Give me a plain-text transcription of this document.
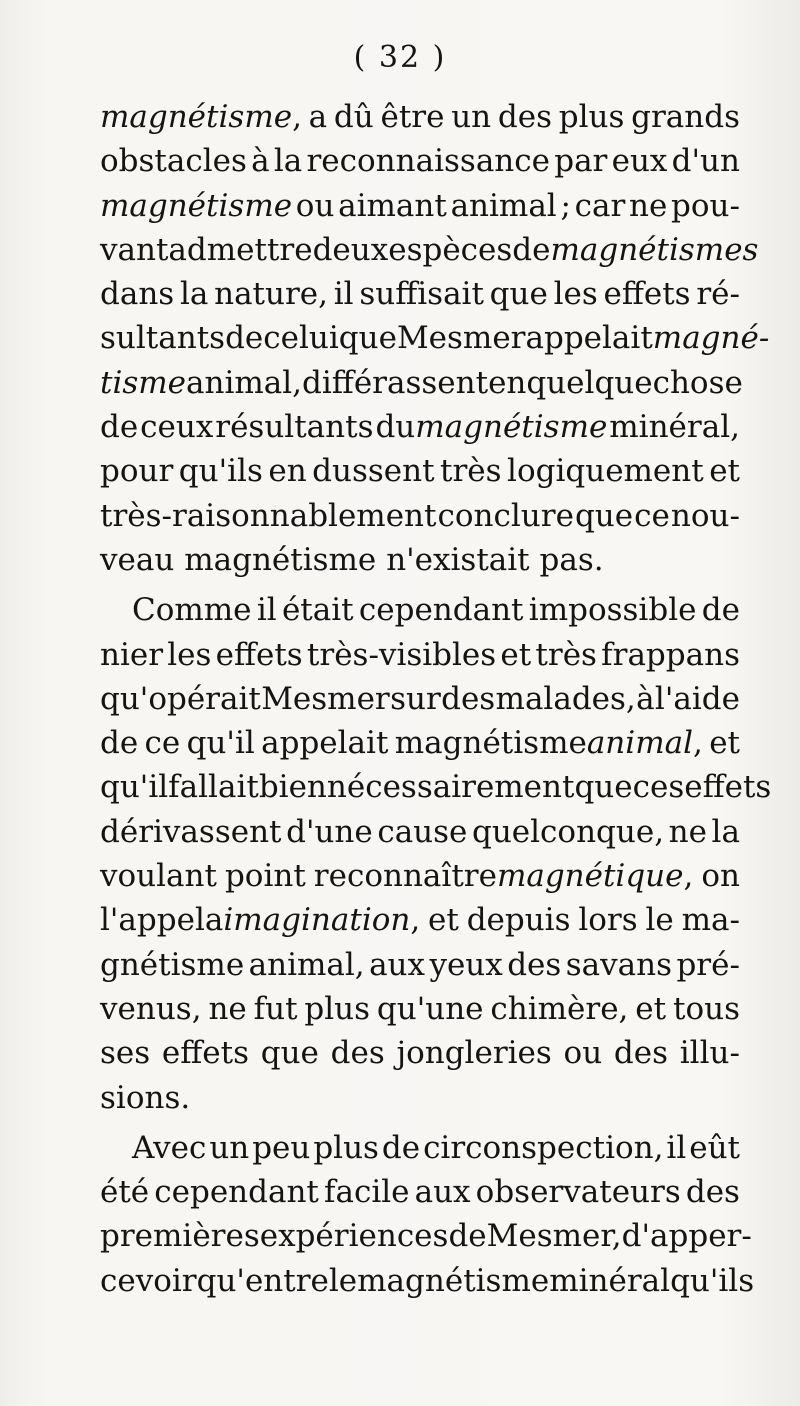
( 32 )
magnétisme, a dû être un des plus grands
obstacles à la reconnaissance par eux d'un
magnétisme ou aimant animal ; car ne pou-
vant admettre deux espèces demagnétismes
dans la nature, il suffisait que les effets ré-
sultants de celui que Mesmer appelaitmagné-
tisme animal, différassent en quelque chose
de ceux résultants dumagnétisme minéral,
pour qu'ils en dussent très logiquement et
très-raisonnablement conclure que ce nou-
veau magnétisme n'existait pas.
Comme il était cependant impossible de
nier les effets très-visibles et très frappans
qu'opérait Mesmer sur des malades, à l'aide
de ce qu'il appelait magnétismeanimal, et
qu'il fallait bien nécessairement que ces effets
dérivassent d'une cause quelconque, ne la
voulant point reconnaîtremagnétique, on
l'appelaimagination, et depuis lors le ma-
gnétisme animal, aux yeux des savans pré-
venus, ne fut plus qu'une chimère, et tous
ses effets que des jongleries ou des illu-
sions.
Avec un peu plus de circonspection, il eût
été cependant facile aux observateurs des
premières expériences de Mesmer, d'apper-
cevoir qu'entre le magnétisme minéral qu'ils
